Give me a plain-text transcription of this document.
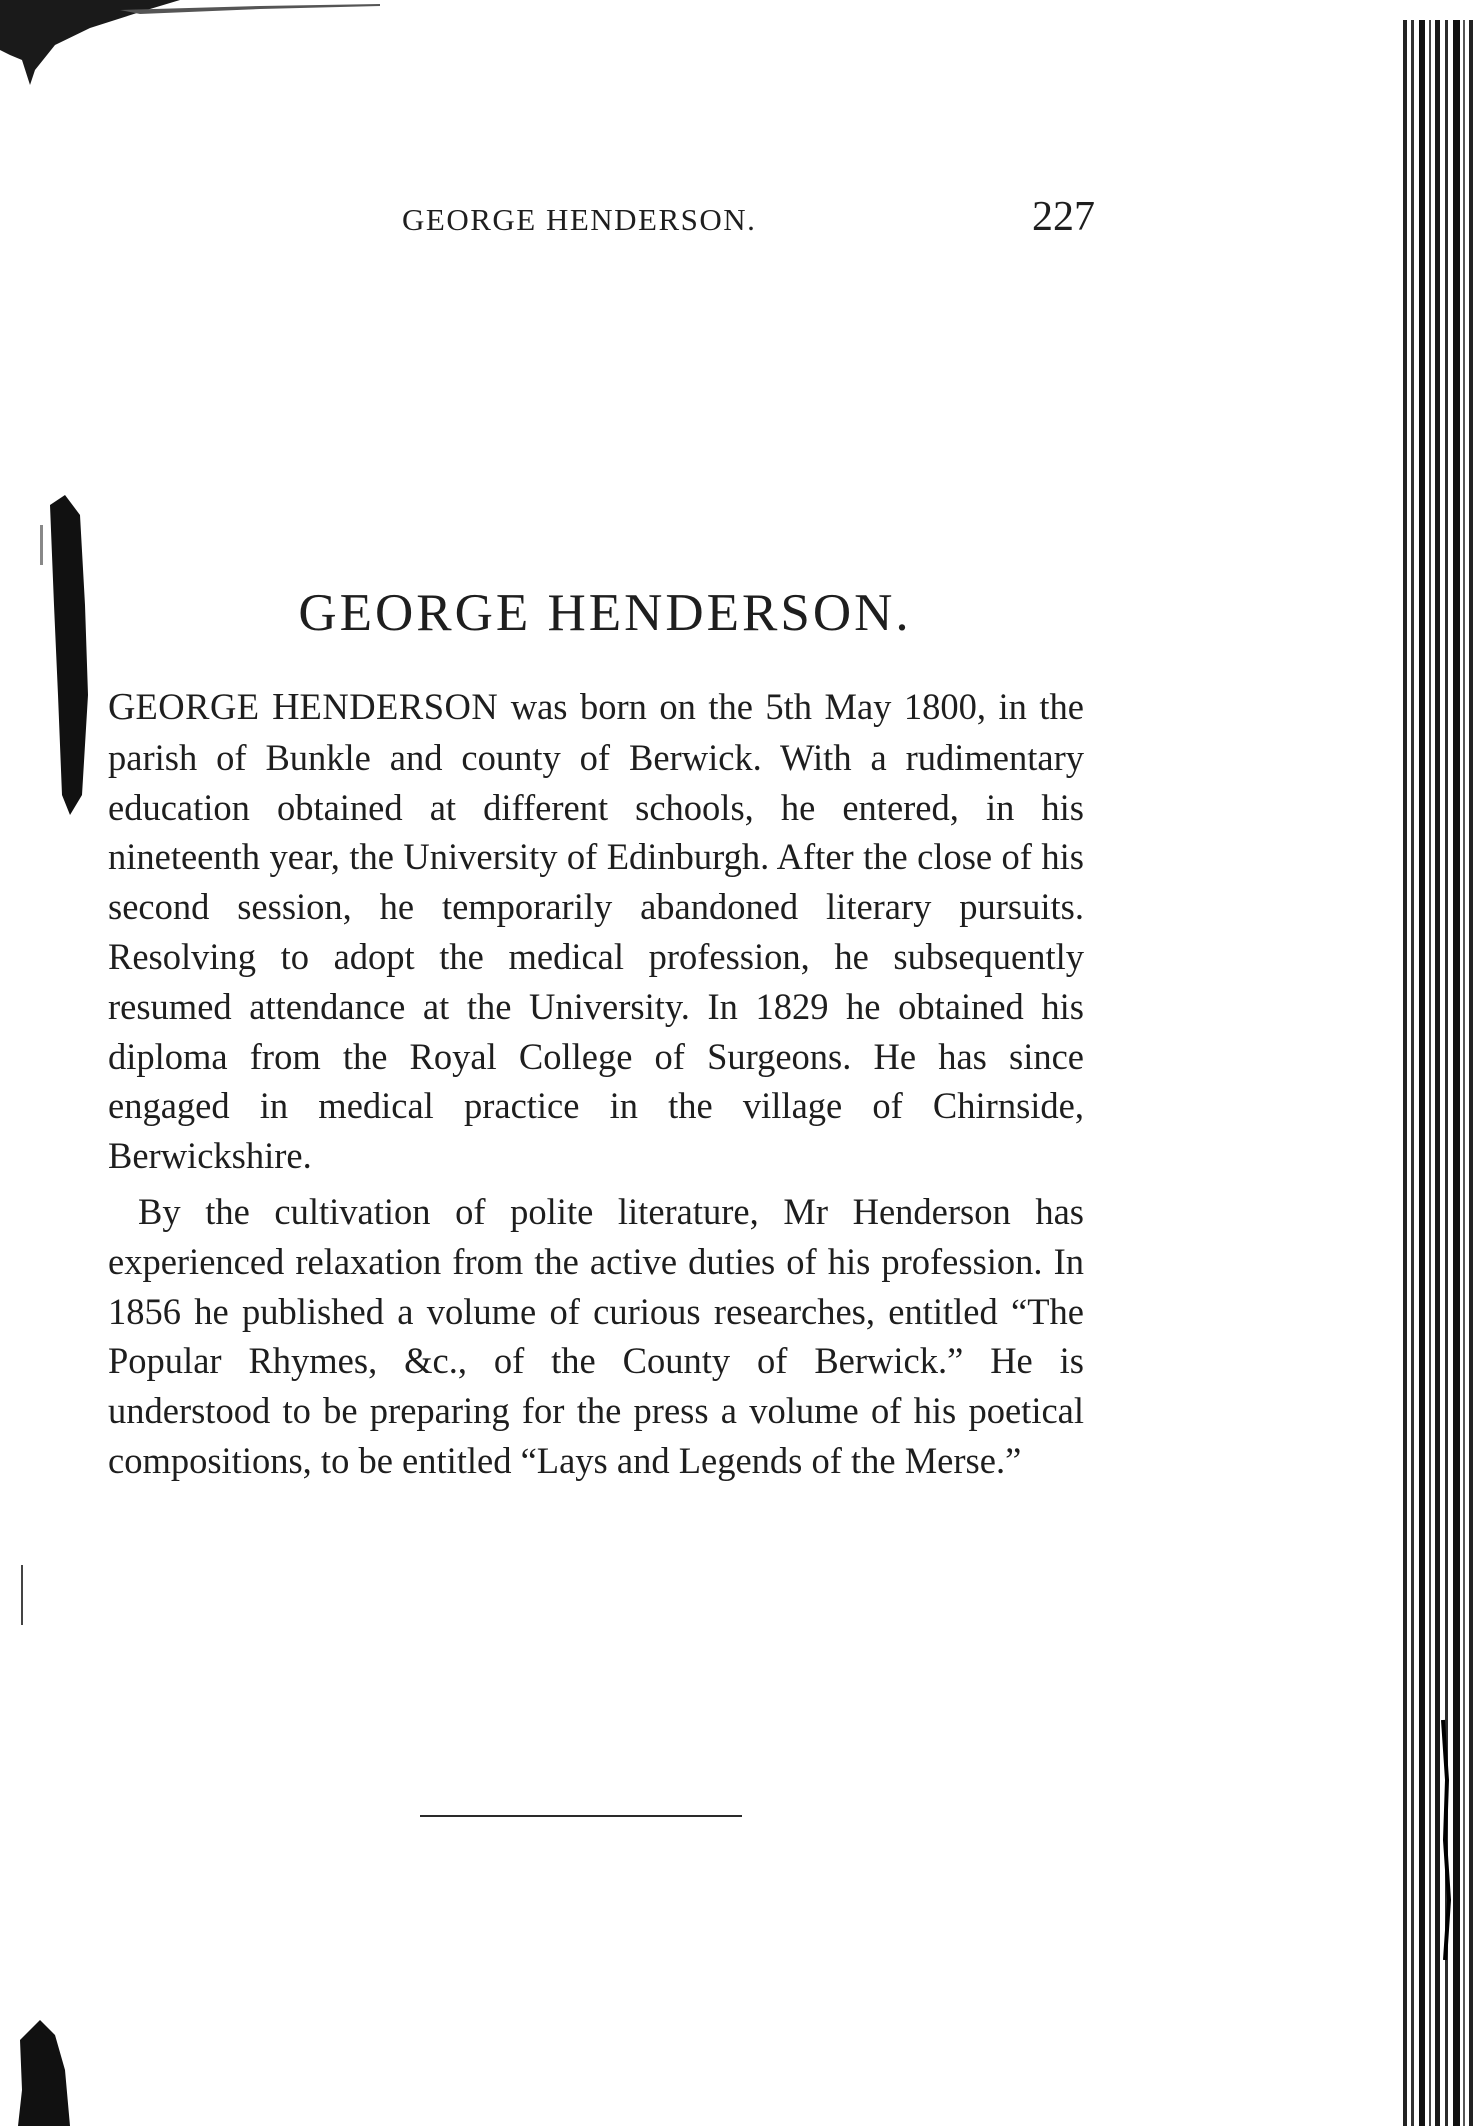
GEORGE HENDERSON.	227
GEORGE HENDERSON.

GEORGE HENDERSON was born on the 5th May 1800, in the parish of Bunkle and county of Berwick. With a rudimentary education obtained at different schools, he entered, in his nineteenth year, the University of Edinburgh. After the close of his second session, he temporarily abandoned literary pursuits. Resolving to adopt the medical profession, he subsequently resumed attendance at the University. In 1829 he obtained his diploma from the Royal College of Surgeons. He has since engaged in medical practice in the village of Chirnside, Berwickshire.

By the cultivation of polite literature, Mr Henderson has experienced relaxation from the active duties of his profession. In 1856 he published a volume of curious researches, entitled “The Popular Rhymes, &c., of the County of Berwick.” He is understood to be preparing for the press a volume of his poetical compositions, to be entitled “Lays and Legends of the Merse.”
